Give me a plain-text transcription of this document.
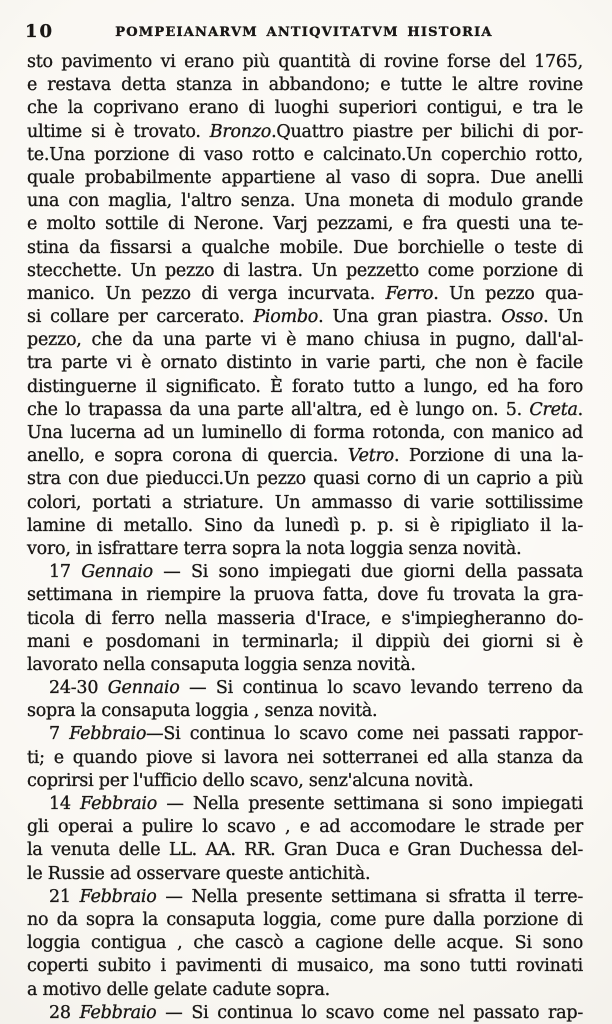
10	POMPEIANARVM ANTIQVITATVM HISTORIA
sto pavimento vi erano più quantità di rovine forse del 1765,
e restava detta stanza in abbandono; e tutte le altre rovine
che la coprivano erano di luoghi superiori contigui, e tra le
ultime si è trovato. Bronzo.Quattro piastre per bilichi di por-
te.Una porzione di vaso rotto e calcinato.Un coperchio rotto,
quale probabilmente appartiene al vaso di sopra. Due anelli
una con maglia, l'altro senza. Una moneta di modulo grande
e molto sottile di Nerone. Varj pezzami, e fra questi una te-
stina da fissarsi a qualche mobile. Due borchielle o teste di
stecchette. Un pezzo di lastra. Un pezzetto come porzione di
manico. Un pezzo di verga incurvata. Ferro. Un pezzo qua-
si collare per carcerato. Piombo. Una gran piastra. Osso. Un
pezzo, che da una parte vi è mano chiusa in pugno, dall'al-
tra parte vi è ornato distinto in varie parti, che non è facile
distinguerne il significato. È forato tutto a lungo, ed ha foro
che lo trapassa da una parte all'altra, ed è lungo on. 5. Creta.
Una lucerna ad un luminello di forma rotonda, con manico ad
anello, e sopra corona di quercia. Vetro. Porzione di una la-
stra con due pieducci.Un pezzo quasi corno di un caprio a più
colori, portati a striature. Un ammasso di varie sottilissime
lamine di metallo. Sino da lunedì p. p. si è ripigliato il la-
voro, in isfrattare terra sopra la nota loggia senza novità.
17 Gennaio — Si sono impiegati due giorni della passata
settimana in riempire la pruova fatta, dove fu trovata la gra-
ticola di ferro nella masseria d'Irace, e s'impiegheranno do-
mani e posdomani in terminarla; il dippiù dei giorni si è
lavorato nella consaputa loggia senza novità.
24-30 Gennaio — Si continua lo scavo levando terreno da
sopra la consaputa loggia , senza novità.
7 Febbraio—Si continua lo scavo come nei passati rappor-
ti; e quando piove si lavora nei sotterranei ed alla stanza da
coprirsi per l'ufficio dello scavo, senz'alcuna novità.
14 Febbraio — Nella presente settimana si sono impiegati
gli operai a pulire lo scavo , e ad accomodare le strade per
la venuta delle LL. AA. RR. Gran Duca e Gran Duchessa del-
le Russie ad osservare queste antichità.
21 Febbraio — Nella presente settimana si sfratta il terre-
no da sopra la consaputa loggia, come pure dalla porzione di
loggia contigua , che cascò a cagione delle acque. Si sono
coperti subito i pavimenti di musaico, ma sono tutti rovinati
a motivo delle gelate cadute sopra.
28 Febbraio — Si continua lo scavo come nel passato rap-
